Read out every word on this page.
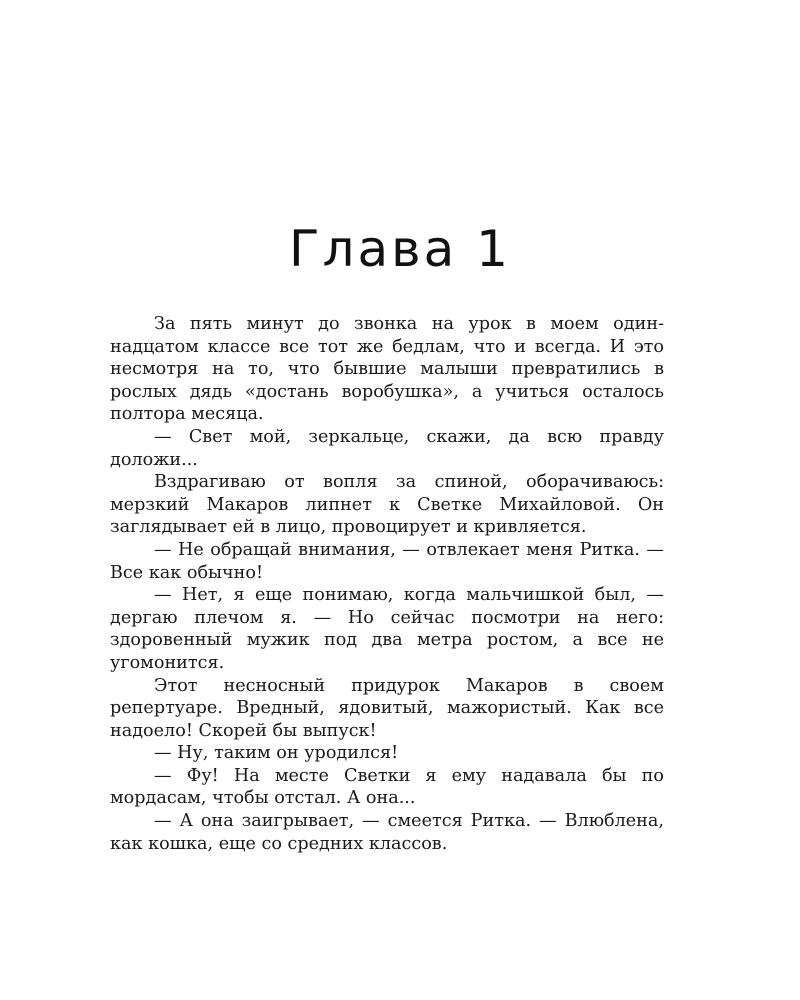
Глава 1

За пять минут до звонка на урок в моем одиннадцатом классе все тот же бедлам, что и всегда. И это несмотря на то, что бывшие малыши превратились в рослых дядь «достань воробушка», а учиться осталось полтора месяца.

— Свет мой, зеркальце, скажи, да всю правду доложи...

Вздрагиваю от вопля за спиной, оборачиваюсь: мерзкий Макаров липнет к Светке Михайловой. Он заглядывает ей в лицо, провоцирует и кривляется.

— Не обращай внимания, — отвлекает меня Ритка. — Все как обычно!

— Нет, я еще понимаю, когда мальчишкой был, — дергаю плечом я. — Но сейчас посмотри на него: здоровенный мужик под два метра ростом, а все не угомонится.

Этот несносный придурок Макаров в своем репертуаре. Вредный, ядовитый, мажористый. Как все надоело! Скорей бы выпуск!

— Ну, таким он уродился!

— Фу! На месте Светки я ему надавала бы по мордасам, чтобы отстал. А она...

— А она заигрывает, — смеется Ритка. — Влюблена, как кошка, еще со средних классов.
